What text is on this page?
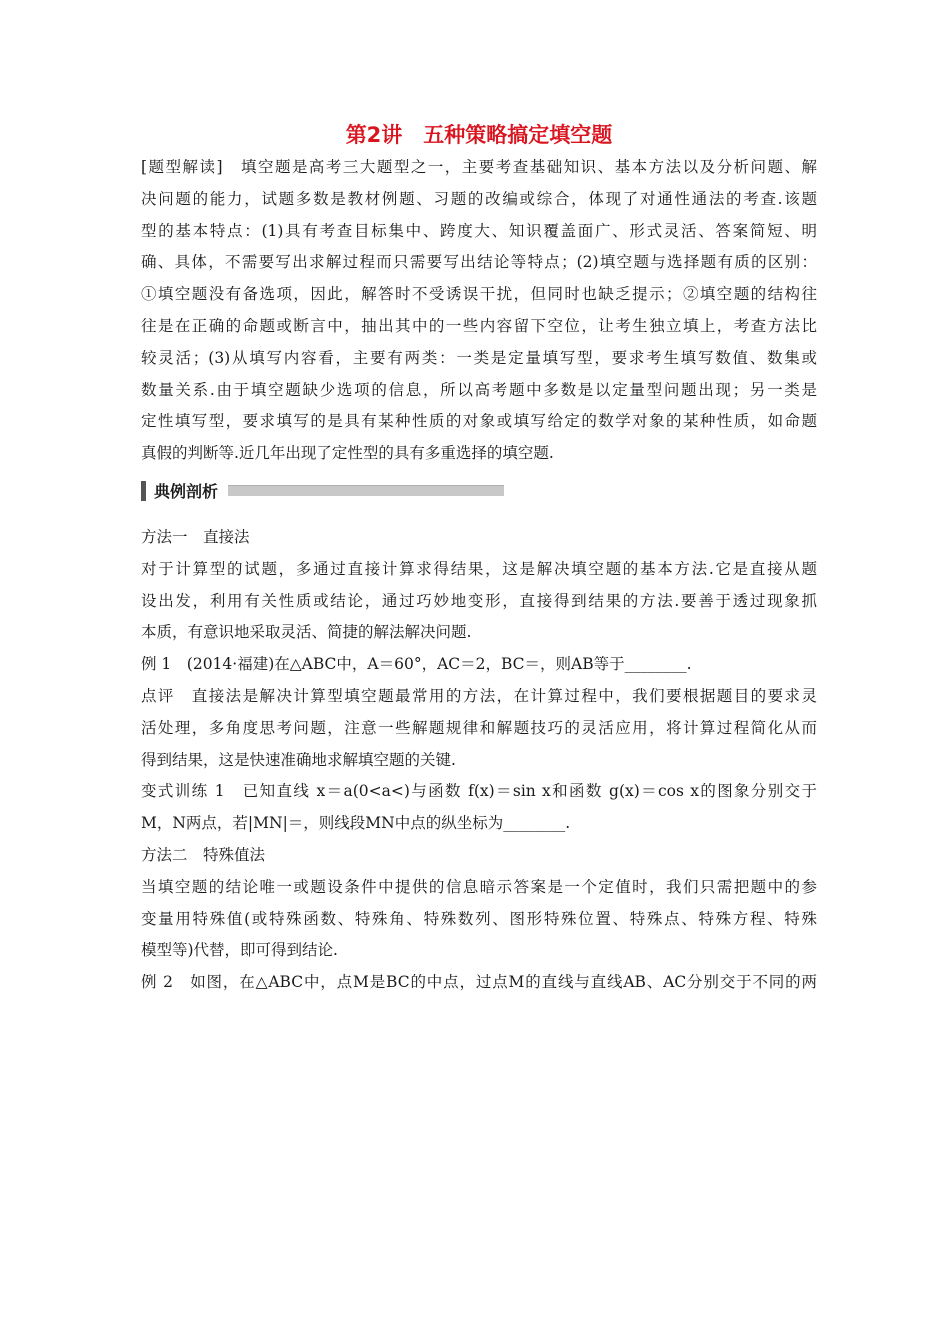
第2讲　五种策略搞定填空题
[题型解读]　填空题是高考三大题型之一，主要考查基础知识、基本方法以及分析问题、解
决问题的能力，试题多数是教材例题、习题的改编或综合，体现了对通性通法的考查.该题
型的基本特点：(1)具有考查目标集中、跨度大、知识覆盖面广、形式灵活、答案简短、明
确、具体，不需要写出求解过程而只需要写出结论等特点；(2)填空题与选择题有质的区别：
①填空题没有备选项，因此，解答时不受诱误干扰，但同时也缺乏提示；②填空题的结构往
往是在正确的命题或断言中，抽出其中的一些内容留下空位，让考生独立填上，考查方法比
较灵活；(3)从填写内容看，主要有两类：一类是定量填写型，要求考生填写数值、数集或
数量关系.由于填空题缺少选项的信息，所以高考题中多数是以定量型问题出现；另一类是
定性填写型，要求填写的是具有某种性质的对象或填写给定的数学对象的某种性质，如命题
真假的判断等.近几年出现了定性型的具有多重选择的填空题.
典例剖析
方法一　直接法
对于计算型的试题，多通过直接计算求得结果，这是解决填空题的基本方法.它是直接从题
设出发，利用有关性质或结论，通过巧妙地变形，直接得到结果的方法.要善于透过现象抓
本质，有意识地采取灵活、简捷的解法解决问题.
例 1　(2014·福建)在△ABC中，A＝60°，AC＝2，BC＝，则AB等于________.
点评　直接法是解决计算型填空题最常用的方法，在计算过程中，我们要根据题目的要求灵
活处理，多角度思考问题，注意一些解题规律和解题技巧的灵活应用，将计算过程简化从而
得到结果，这是快速准确地求解填空题的关键.
变式训练 1　已知直线 x＝a(0<a<)与函数 f(x)＝sin x和函数 g(x)＝cos x的图象分别交于
M，N两点，若|MN|＝，则线段MN中点的纵坐标为________.
方法二　特殊值法
当填空题的结论唯一或题设条件中提供的信息暗示答案是一个定值时，我们只需把题中的参
变量用特殊值(或特殊函数、特殊角、特殊数列、图形特殊位置、特殊点、特殊方程、特殊
模型等)代替，即可得到结论.
例 2　如图，在△ABC中，点M是BC的中点，过点M的直线与直线AB、AC分别交于不同的两
